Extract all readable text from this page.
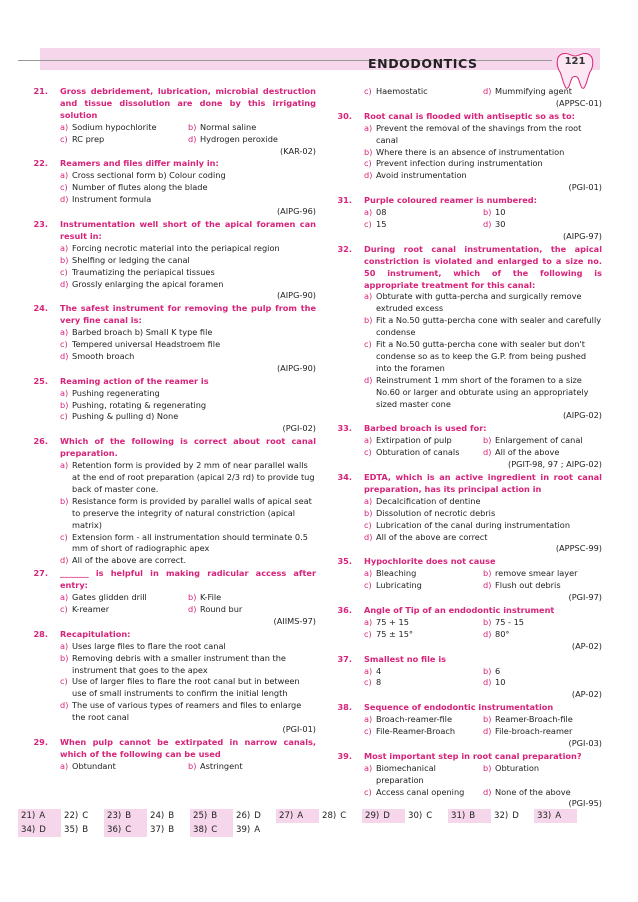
ENDODONTICS	121
21. Gross debridement, lubrication, microbial destruction and tissue dissolution are done by this irrigating solution
a) Sodium hypochlorite	b) Normal saline
c) RC prep	d) Hydrogen peroxide
(KAR-02)
22. Reamers and files differ mainly in:
a) Cross sectional form b) Colour coding
c) Number of flutes along the blade
d) Instrument formula
(AIPG-96)
23. Instrumentation well short of the apical foramen can result in:
a) Forcing necrotic material into the periapical region
b) Shelfing or ledging the canal
c) Traumatizing the periapical tissues
d) Grossly enlarging the apical foramen
(AIPG-90)
24. The safest instrument for removing the pulp from the very fine canal is:
a) Barbed broach b) Small K type file
c) Tempered universal Headstroem file
d) Smooth broach
(AIPG-90)
25. Reaming action of the reamer is
a) Pushing regenerating
b) Pushing, rotating & regenerating
c) Pushing & pulling d) None
(PGI-02)
26. Which of the following is correct about root canal preparation.
a) Retention form is provided by 2 mm of near parallel walls at the end of root preparation (apical 2/3 rd) to provide tug back of master cone.
b) Resistance form is provided by parallel walls of apical seat to preserve the integrity of natural constriction (apical matrix)
c) Extension form - all instrumentation should terminate 0.5 mm of short of radiographic apex
d) All of the above are correct.
27. _______ is helpful in making radicular access after entry:
a) Gates glidden drill	b) K-File
c) K-reamer	d) Round bur
(AIIMS-97)
28. Recapitulation:
a) Uses large files to flare the root canal
b) Removing debris with a smaller instrument than the instrument that goes to the apex
c) Use of larger files to flare the root canal but in between use of small instruments to confirm the initial length
d) The use of various types of reamers and files to enlarge the root canal
(PGI-01)
29. When pulp cannot be extirpated in narrow canals, which of the following can be used
a) Obtundant	b) Astringent
c) Haemostatic	d) Mummifying agent
(APPSC-01)
30. Root canal is flooded with antiseptic so as to:
a) Prevent the removal of the shavings from the root canal
b) Where there is an absence of instrumentation
c) Prevent infection during instrumentation
d) Avoid instrumentation
(PGI-01)
31. Purple coloured reamer is numbered:
a) 08	b) 10
c) 15	d) 30
(AIPG-97)
32. During root canal instrumentation, the apical constriction is violated and enlarged to a size no. 50 instrument, which of the following is appropriate treatment for this canal:
a) Obturate with gutta-percha and surgically remove extruded excess
b) Fit a No.50 gutta-percha cone with sealer and carefully condense
c) Fit a No.50 gutta-percha cone with sealer but don't condense so as to keep the G.P. from being pushed into the foramen
d) Reinstrument 1 mm short of the foramen to a size No.60 or larger and obturate using an appropriately sized master cone
(AIPG-02)
33. Barbed broach is used for:
a) Extirpation of pulp	b) Enlargement of canal
c) Obturation of canals	d) All of the above
(PGIT-98, 97 ; AIPG-02)
34. EDTA, which is an active ingredient in root canal preparation, has its principal action in
a) Decalcification of dentine
b) Dissolution of necrotic debris
c) Lubrication of the canal during instrumentation
d) All of the above are correct
(APPSC-99)
35. Hypochlorite does not cause
a) Bleaching	b) remove smear layer
c) Lubricating	d) Flush out debris
(PGI-97)
36. Angle of Tip of an endodontic instrument
a) 75 + 15	b) 75 - 15
c) 75 ± 15°	d) 80°
(AP-02)
37. Smallest no file is
a) 4	b) 6
c) 8	d) 10
(AP-02)
38. Sequence of endodontic instrumentation
a) Broach-reamer-file	b) Reamer-Broach-file
c) File-Reamer-Broach	d) File-broach-reamer
(PGI-03)
39. Most important step in root canal preparation?
a) Biomechanical preparation
b) Obturation
c) Access canal opening d) None of the above
(PGI-95)
21) A 22) C 23) B 24) B 25) B 26) D 27) A 28) C 29) D 30) C 31) B 32) D 33) A
34) D 35) B 36) C 37) B 38) C 39) A
